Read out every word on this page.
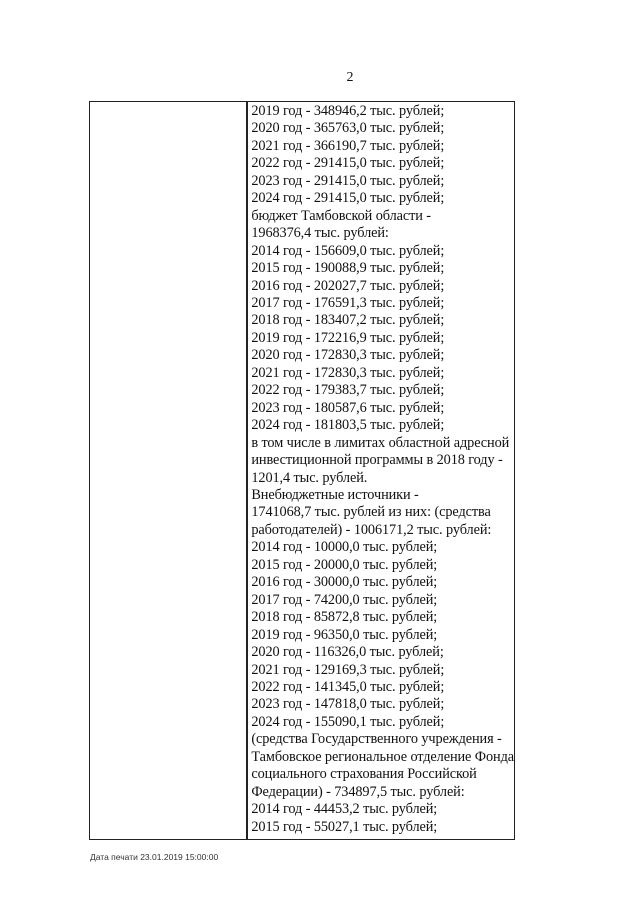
2
2019 год - 348946,2 тыс. рублей;
2020 год - 365763,0 тыс. рублей;
2021 год - 366190,7 тыс. рублей;
2022 год - 291415,0 тыс. рублей;
2023 год - 291415,0 тыс. рублей;
2024 год - 291415,0 тыс. рублей;
бюджет Тамбовской области -
1968376,4 тыс. рублей:
2014 год - 156609,0 тыс. рублей;
2015 год - 190088,9 тыс. рублей;
2016 год - 202027,7 тыс. рублей;
2017 год - 176591,3 тыс. рублей;
2018 год - 183407,2 тыс. рублей;
2019 год - 172216,9 тыс. рублей;
2020 год - 172830,3 тыс. рублей;
2021 год - 172830,3 тыс. рублей;
2022 год - 179383,7 тыс. рублей;
2023 год - 180587,6 тыс. рублей;
2024 год - 181803,5 тыс. рублей;
в том числе в лимитах областной адресной
инвестиционной программы в 2018 году -
1201,4 тыс. рублей.
Внебюджетные источники -
1741068,7 тыс. рублей из них: (средства
работодателей) - 1006171,2 тыс. рублей:
2014 год - 10000,0 тыс. рублей;
2015 год - 20000,0 тыс. рублей;
2016 год - 30000,0 тыс. рублей;
2017 год - 74200,0 тыс. рублей;
2018 год - 85872,8 тыс. рублей;
2019 год - 96350,0 тыс. рублей;
2020 год - 116326,0 тыс. рублей;
2021 год - 129169,3 тыс. рублей;
2022 год - 141345,0 тыс. рублей;
2023 год - 147818,0 тыс. рублей;
2024 год - 155090,1 тыс. рублей;
(средства Государственного учреждения -
Тамбовское региональное отделение Фонда
социального страхования Российской
Федерации) - 734897,5 тыс. рублей:
2014 год - 44453,2 тыс. рублей;
2015 год - 55027,1 тыс. рублей;
Дата печати 23.01.2019 15:00:00
